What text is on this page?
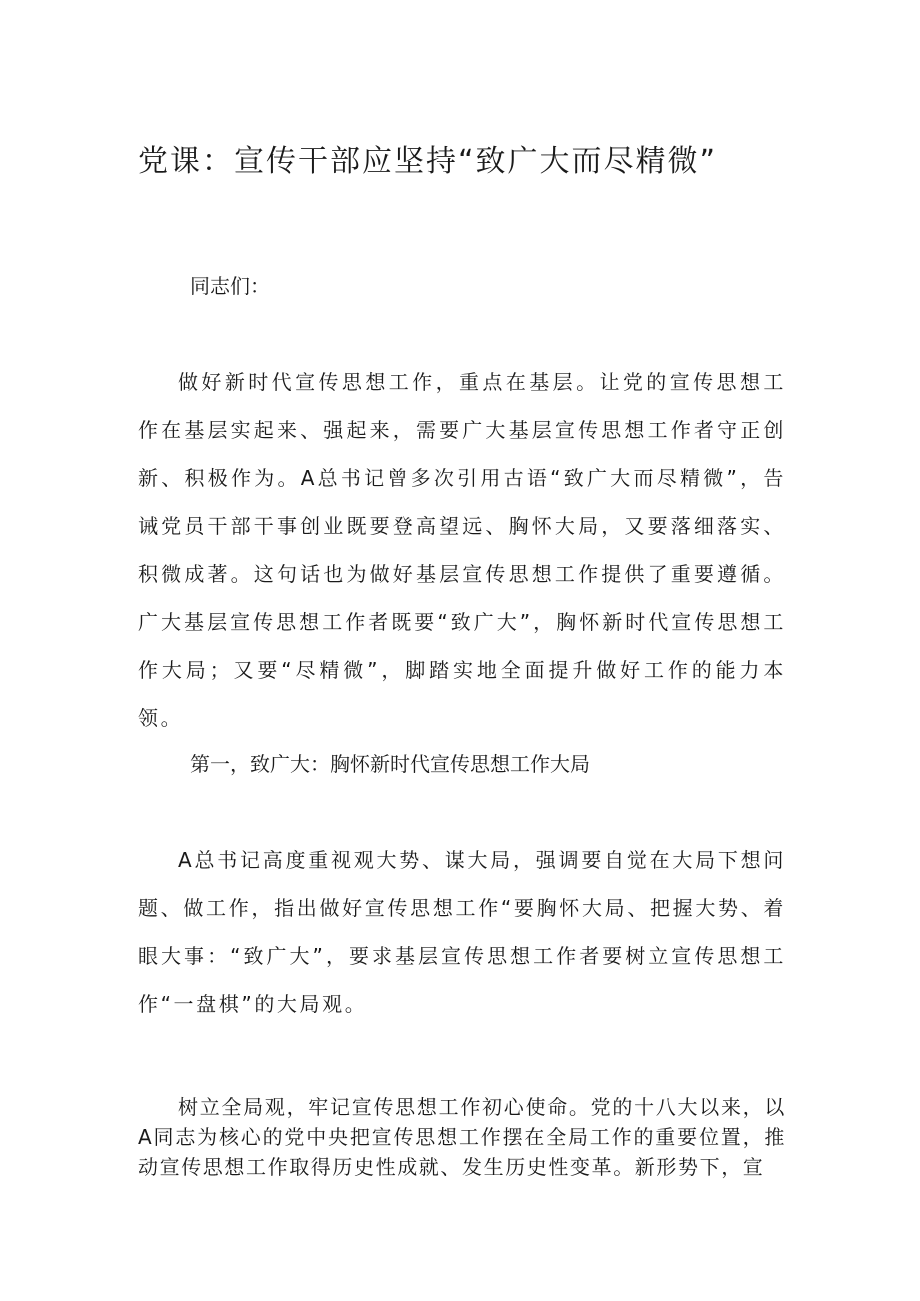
党课：宣传干部应坚持“致广大而尽精微”

同志们：

做好新时代宣传思想工作，重点在基层。让党的宣传思想工作在基层实起来、强起来，需要广大基层宣传思想工作者守正创新、积极作为。A总书记曾多次引用古语“致广大而尽精微”，告诫党员干部干事创业既要登高望远、胸怀大局，又要落细落实、积微成著。这句话也为做好基层宣传思想工作提供了重要遵循。广大基层宣传思想工作者既要“致广大”，胸怀新时代宣传思想工作大局；又要“尽精微”，脚踏实地全面提升做好工作的能力本领。

第一，致广大：胸怀新时代宣传思想工作大局

A总书记高度重视观大势、谋大局，强调要自觉在大局下想问题、做工作，指出做好宣传思想工作“要胸怀大局、把握大势、着眼大事：“致广大”，要求基层宣传思想工作者要树立宣传思想工作“一盘棋”的大局观。

树立全局观，牢记宣传思想工作初心使命。党的十八大以来，以A同志为核心的党中央把宣传思想工作摆在全局工作的重要位置，推动宣传思想工作取得历史性成就、发生历史性变革。新形势下，宣
